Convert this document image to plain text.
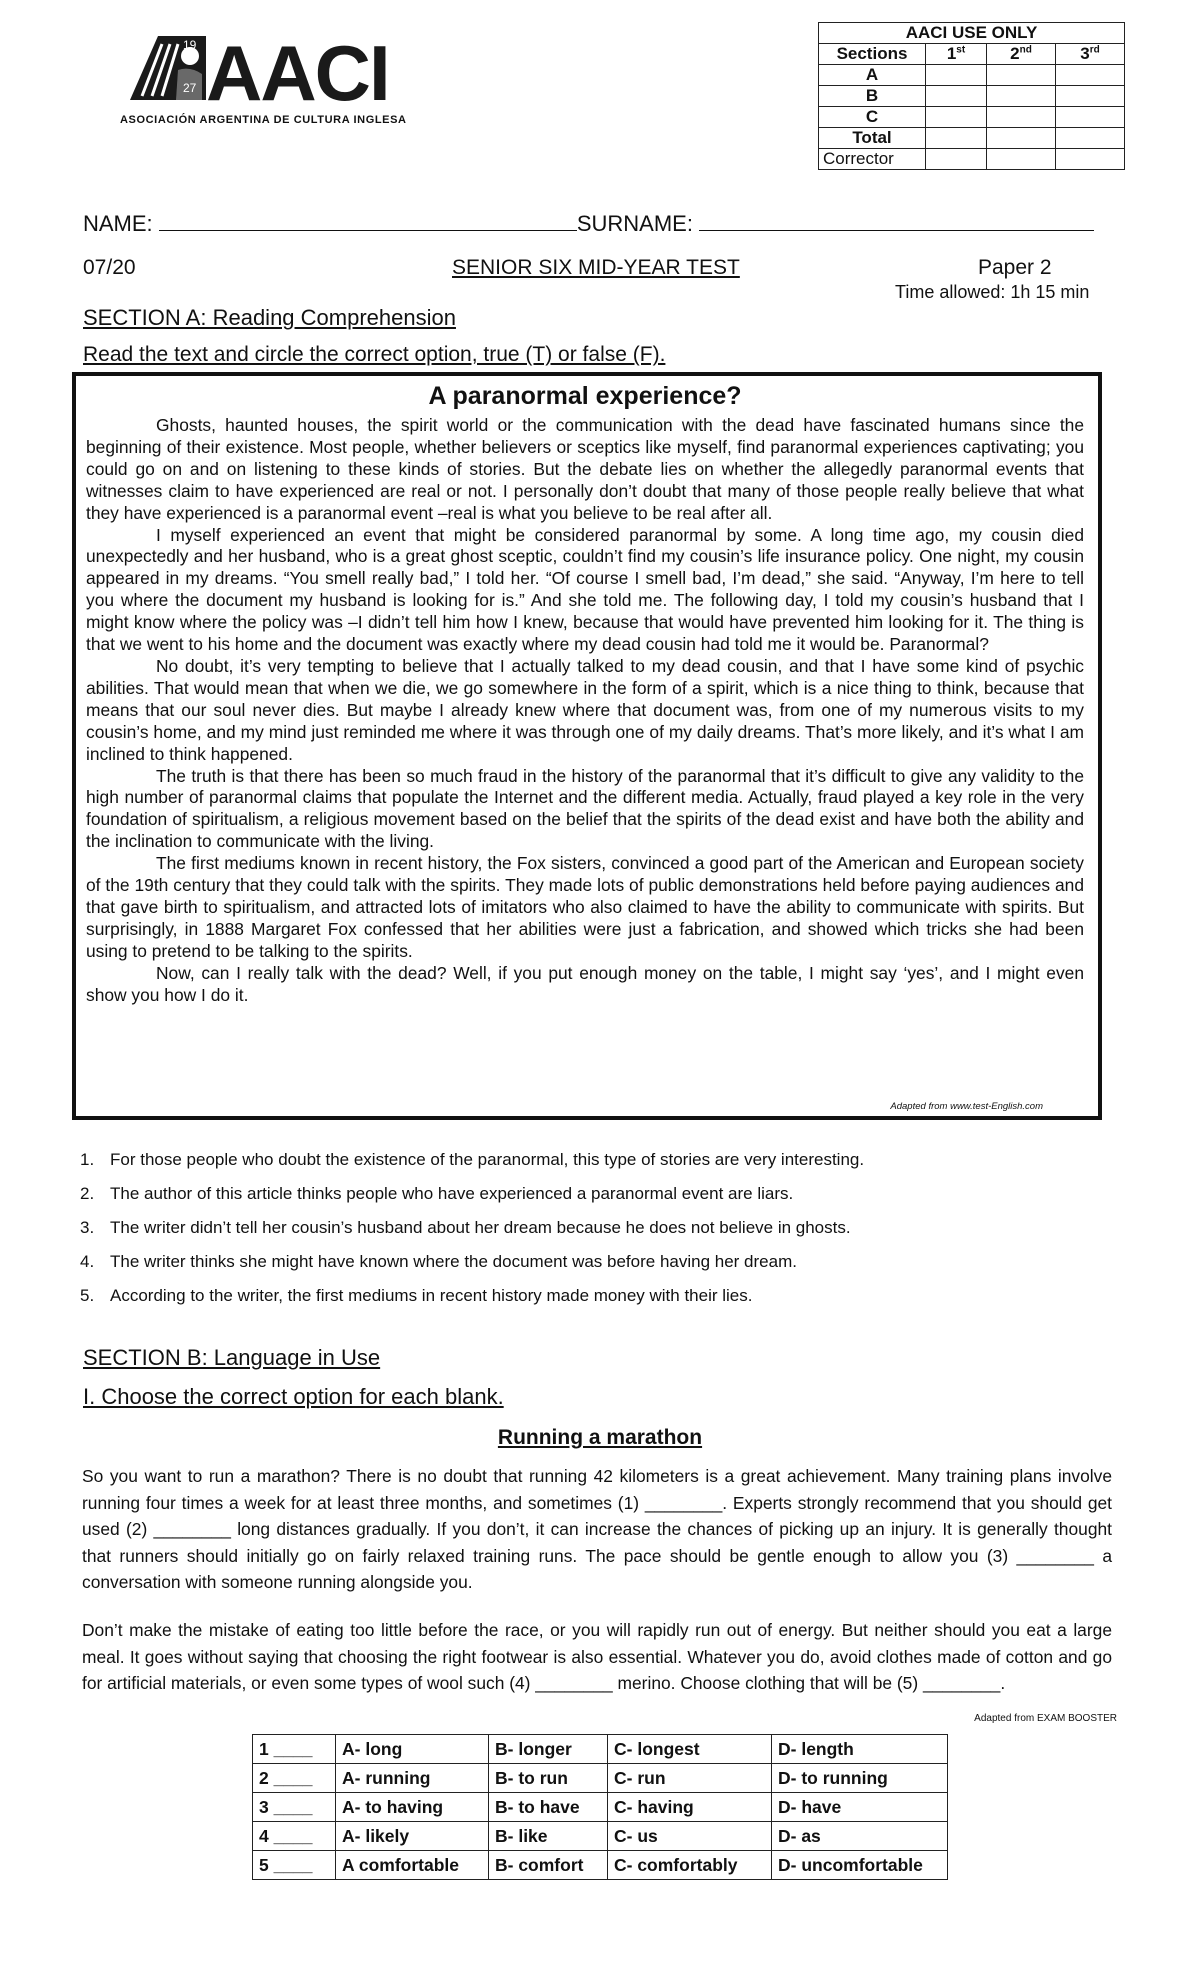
19
27 AACI
ASOCIACIÓN ARGENTINA DE CULTURA INGLESA
AACI USE ONLY			
Sections	1st	2nd	3rd
A			
B			
C			
Total			
Corrector			
NAME:	SURNAME:
07/20	SENIOR SIX MID-YEAR TEST	Paper 2
Time allowed: 1h 15 min
SECTION A: Reading Comprehension
Read the text and circle the correct option, true (T) or false (F).
A paranormal experience?

Ghosts, haunted houses, the spirit world or the communication with the dead have fascinated humans since the beginning of their existence. Most people, whether believers or sceptics like myself, find paranormal experiences captivating; you could go on and on listening to these kinds of stories. But the debate lies on whether the allegedly paranormal events that witnesses claim to have experienced are real or not. I personally don’t doubt that many of those people really believe that what they have experienced is a paranormal event –real is what you believe to be real after all.

I myself experienced an event that might be considered paranormal by some. A long time ago, my cousin died unexpectedly and her husband, who is a great ghost sceptic, couldn’t find my cousin’s life insurance policy. One night, my cousin appeared in my dreams. “You smell really bad,” I told her. “Of course I smell bad, I’m dead,” she said. “Anyway, I’m here to tell you where the document my husband is looking for is.” And she told me. The following day, I told my cousin’s husband that I might know where the policy was –I didn’t tell him how I knew, because that would have prevented him looking for it. The thing is that we went to his home and the document was exactly where my dead cousin had told me it would be. Paranormal?

No doubt, it’s very tempting to believe that I actually talked to my dead cousin, and that I have some kind of psychic abilities. That would mean that when we die, we go somewhere in the form of a spirit, which is a nice thing to think, because that means that our soul never dies. But maybe I already knew where that document was, from one of my numerous visits to my cousin’s home, and my mind just reminded me where it was through one of my daily dreams. That’s more likely, and it’s what I am inclined to think happened.

The truth is that there has been so much fraud in the history of the paranormal that it’s difficult to give any validity to the high number of paranormal claims that populate the Internet and the different media. Actually, fraud played a key role in the very foundation of spiritualism, a religious movement based on the belief that the spirits of the dead exist and have both the ability and the inclination to communicate with the living.

The first mediums known in recent history, the Fox sisters, convinced a good part of the American and European society of the 19th century that they could talk with the spirits. They made lots of public demonstrations held before paying audiences and that gave birth to spiritualism, and attracted lots of imitators who also claimed to have the ability to communicate with spirits. But surprisingly, in 1888 Margaret Fox confessed that her abilities were just a fabrication, and showed which tricks she had been using to pretend to be talking to the spirits.

Now, can I really talk with the dead? Well, if you put enough money on the table, I might say ‘yes’, and I might even show you how I do it.

Adapted from www.test-English.com
1. For those people who doubt the existence of the paranormal, this type of stories are very interesting.
2. The author of this article thinks people who have experienced a paranormal event are liars.
3. The writer didn’t tell her cousin’s husband about her dream because he does not believe in ghosts.
4. The writer thinks she might have known where the document was before having her dream.
5. According to the writer, the first mediums in recent history made money with their lies.
SECTION B: Language in Use
I. Choose the correct option for each blank.
Running a marathon

So you want to run a marathon? There is no doubt that running 42 kilometers is a great achievement. Many training plans involve running four times a week for at least three months, and sometimes (1) ________. Experts strongly recommend that you should get used (2) ________ long distances gradually. If you don’t, it can increase the chances of picking up an injury. It is generally thought that runners should initially go on fairly relaxed training runs. The pace should be gentle enough to allow you (3) ________ a conversation with someone running alongside you.

Don’t make the mistake of eating too little before the race, or you will rapidly run out of energy. But neither should you eat a large meal. It goes without saying that choosing the right footwear is also essential. Whatever you do, avoid clothes made of cotton and go for artificial materials, or even some types of wool such (4) ________ merino. Choose clothing that will be (5) ________.

Adapted from EXAM BOOSTER
1 ____	A- long	B- longer	C- longest	D- length
2 ____	A- running	B- to run	C- run	D- to running
3 ____	A- to having	B- to have	C- having	D- have
4 ____	A- likely	B- like	C- us	D- as
5 ____	A comfortable	B- comfort	C- comfortably	D- uncomfortable
